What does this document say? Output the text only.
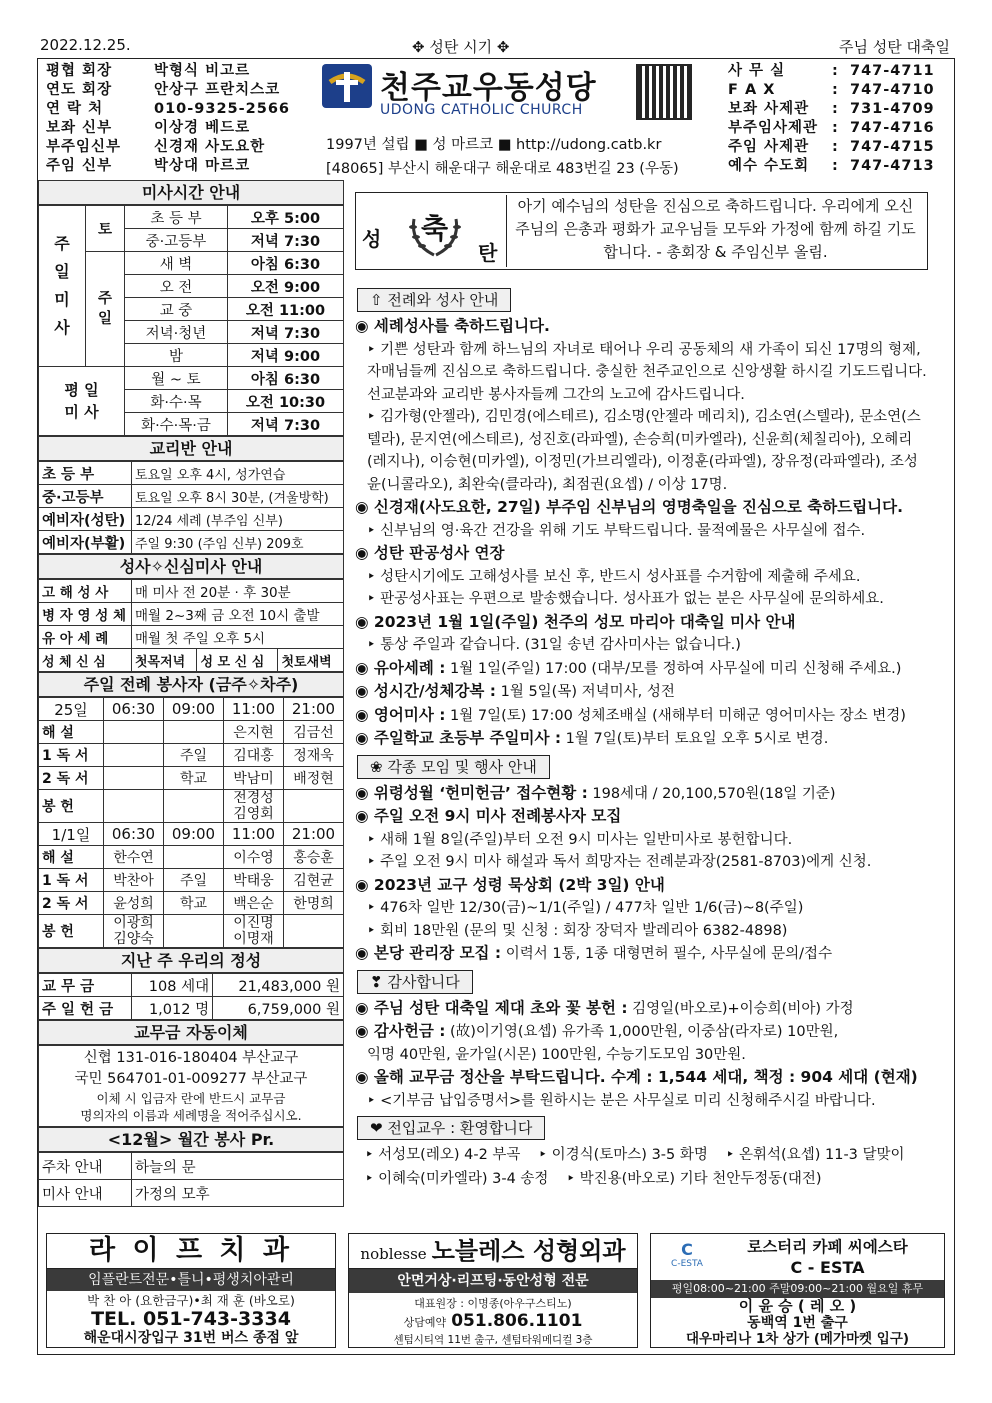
2022.12.25.	✥ 성탄 시기 ✥	주님 성탄 대축일
평협 회장	박형식 비고르
연도 회장	안상구 프란치스코
연 락 처	010-9325-2566
보좌 신부	이상경 베드로
부주임신부	신경재 사도요한
주임 신부	박상대 마르코
천주교우동성당
UDONG CATHOLIC CHURCH
1997년 설립 ■ 성 마르코 ■ http://udong.catb.kr
[48065] 부산시 해운대구 해운대로 483번길 23 (우동)
사 무 실	: 747-4711
F A X	: 747-4710
보좌 사제관	: 731-4709
부주임사제관 : 747-4716
주임 사제관	: 747-4715
예수 수도회	: 747-4713
미사시간 안내
주
일
미
사	토	초 등 부	오후 5:00
		중·고등부	저녁 7:30
	주
일	새 벽	아침 6:30
		오 전	오전 9:00
		교 중	오전 11:00
		저녁·청년	저녁 7:30
		밤	저녁 9:00
평 일
미 사		월 ~ 토	아침 6:30
		화·수·목	오전 10:30
		화·수·목·금	저녁 7:30
교리반 안내
초 등 부	토요일 오후 4시, 성가연습
중·고등부	토요일 오후 8시 30분, (겨울방학)
예비자(성탄)	12/24 세례 (부주임 신부)
예비자(부활)	주일 9:30 (주임 신부) 209호
성사✧신심미사 안내
고 해 성 사	매 미사 전 20분 · 후 30분		
병 자 영 성 체	매월 2~3째 금 오전 10시 출발		
유 아 세 례	매월 첫 주일 오후 5시		
성 체 신 심	첫목저녁	성 모 신 심	첫토새벽
주일 전례 봉사자 (금주✧차주)
25일	06:30	09:00	11:00	21:00
해 설			은지현	김금선
1 독 서		주일	김대홍	정재욱
2 독 서		학교	박남미	배정현
봉 헌			전경성
김영회	
1/1일	06:30	09:00	11:00	21:00
해 설	한수연		이수영	홍승훈
1 독 서	박찬아	주일	박태웅	김현균
2 독 서	윤성희	학교	백은순	한명희
봉 헌	이광희
김양숙		이진명
이명재	
지난 주 우리의 정성
교 무 금	108 세대	21,483,000 원
주 일 헌 금	1,012 명	6,759,000 원
교무금 자동이체
신협 131-016-180404 부산교구
국민 564701-01-009277 부산교구
이체 시 입금자 란에 반드시 교무금
명의자의 이름과 세례명을 적어주십시오.
<12월> 월간 봉사 Pr.
주차 안내	하늘의 문
미사 안내	가정의 모후
성 축
탄
아기 예수님의 성탄을 진심으로 축하드립니다. 우리에게 오신 주님의 은총과 평화가 교우님들 모두와 가정에 함께 하길 기도합니다. - 총회장 & 주임신부 올림.
⇧ 전례와 성사 안내
◉ 세례성사를 축하드립니다.
‣ 기쁜 성탄과 함께 하느님의 자녀로 태어나 우리 공동체의 새 가족이 되신 17명의 형제, 자매님들께 진심으로 축하드립니다. 충실한 천주교인으로 신앙생활 하시길 기도드립니다. 선교분과와 교리반 봉사자들께 그간의 노고에 감사드립니다.
‣ 김가형(안젤라), 김민경(에스테르), 김소명(안젤라 메리치), 김소연(스텔라), 문소연(스텔라), 문지연(에스테르), 성진호(라파엘), 손승희(미카엘라), 신윤희(체칠리아), 오혜리(레지나), 이승현(미카엘), 이정민(가브리엘라), 이정훈(라파엘), 장유정(라파엘라), 조성윤(니콜라오), 최완숙(클라라), 최점권(요셉) / 이상 17명.
◉ 신경재(사도요한, 27일) 부주임 신부님의 영명축일을 진심으로 축하드립니다.
‣ 신부님의 영·육간 건강을 위해 기도 부탁드립니다. 물적예물은 사무실에 접수.
◉ 성탄 판공성사 연장
‣ 성탄시기에도 고해성사를 보신 후, 반드시 성사표를 수거함에 제출해 주세요.
‣ 판공성사표는 우편으로 발송했습니다. 성사표가 없는 분은 사무실에 문의하세요.
◉ 2023년 1월 1일(주일) 천주의 성모 마리아 대축일 미사 안내
‣ 통상 주일과 같습니다. (31일 송년 감사미사는 없습니다.)
◉ 유아세례 : 1월 1일(주일) 17:00 (대부/모를 정하여 사무실에 미리 신청해 주세요.)
◉ 성시간/성체강복 : 1월 5일(목) 저녁미사, 성전
◉ 영어미사 : 1월 7일(토) 17:00 성체조배실 (새해부터 미해군 영어미사는 장소 변경)
◉ 주일학교 초등부 주일미사 : 1월 7일(토)부터 토요일 오후 5시로 변경.
❀ 각종 모임 및 행사 안내
◉ 위령성월 ‘헌미헌금’ 접수현황 : 198세대 / 20,100,570원(18일 기준)
◉ 주일 오전 9시 미사 전례봉사자 모집
‣ 새해 1월 8일(주일)부터 오전 9시 미사는 일반미사로 봉헌합니다.
‣ 주일 오전 9시 미사 해설과 독서 희망자는 전례분과장(2581-8703)에게 신청.
◉ 2023년 교구 성령 묵상회 (2박 3일) 안내
‣ 476차 일반 12/30(금)~1/1(주일) / 477차 일반 1/6(금)~8(주일)
‣ 회비 18만원 (문의 및 신청 : 회장 장덕자 발레리아 6382-4898)
◉ 본당 관리장 모집 : 이력서 1통, 1종 대형면허 필수, 사무실에 문의/접수
❣ 감사합니다
◉ 주님 성탄 대축일 제대 초와 꽃 봉헌 : 김영일(바오로)+이승희(비아) 가정
◉ 감사헌금 : (故)이기영(요셉) 유가족 1,000만원, 이중삼(라자로) 10만원,
익명 40만원, 윤가일(시몬) 100만원, 수능기도모임 30만원.
◉ 올해 교무금 정산을 부탁드립니다. 수계 : 1,544 세대, 책정 : 904 세대 (현재)
‣ <기부금 납입증명서>를 원하시는 분은 사무실로 미리 신청해주시길 바랍니다.
❤ 전입교우 : 환영합니다
‣ 서성모(레오) 4-2 부곡 ‣ 이경식(토마스) 3-5 화명 ‣ 온휘석(요셉) 11-3 달맞이‣ 이혜숙(미카엘라) 3-4 송정 ‣ 박진용(바오로) 기타 천안두정동(대전)
라 이 프 치 과
임플란트전문•틀니•평생치아관리
박 찬 아 (요한금구)•최 재 훈 (바오로)
TEL. 051-743-3334
해운대시장입구 31번 버스 종점 앞
noblesse 노블레스 성형외과
안면거상·리프팅·동안성형 전문
대표원장 : 이명종(아우구스티노)
상담예약 051.806.1101
센텀시티역 11번 출구, 센텀타워메디컬 3층
C
C-ESTA
로스터리 카페 씨에스타
C - ESTA
평일08:00~21:00 주말09:00~21:00 월요일 휴무
이 윤 승 ( 레 오 )
동백역 1번 출구
대우마리나 1차 상가 (메가마켓 입구)
